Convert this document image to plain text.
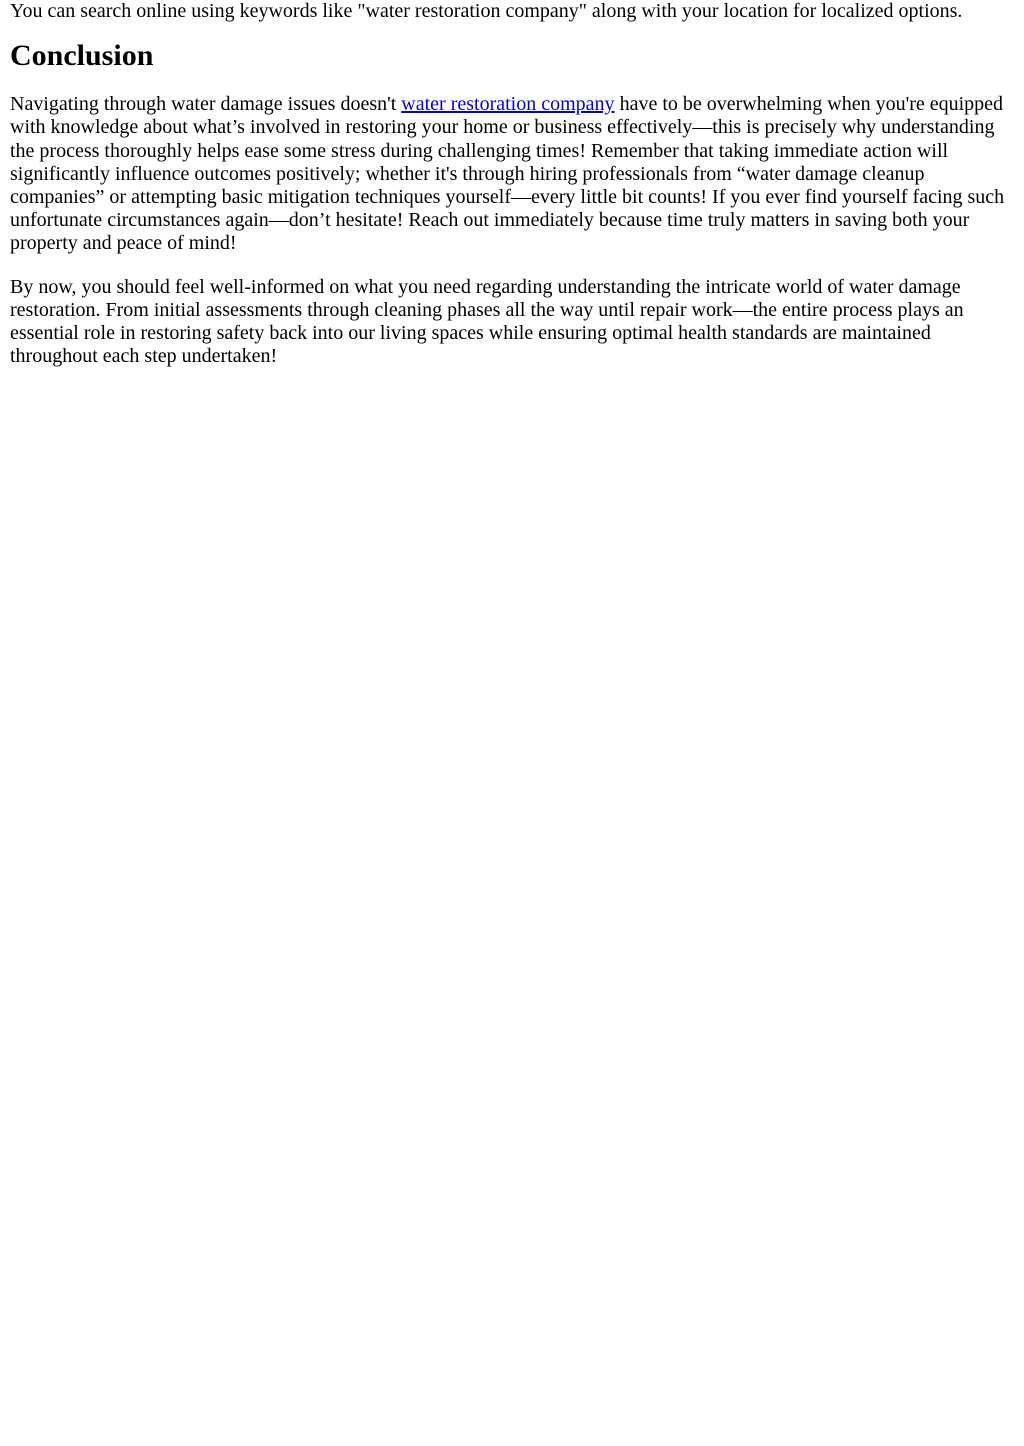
You can search online using keywords like "water restoration company" along with your location for localized options.

Conclusion

Navigating through water damage issues doesn't water restoration company have to be overwhelming when you're equipped with knowledge about what’s involved in restoring your home or business effectively—this is precisely why understanding the process thoroughly helps ease some stress during challenging times! Remember that taking immediate action will significantly influence outcomes positively; whether it's through hiring professionals from “water damage cleanup companies” or attempting basic mitigation techniques yourself—every little bit counts! If you ever find yourself facing such unfortunate circumstances again—don’t hesitate! Reach out immediately because time truly matters in saving both your property and peace of mind!

By now, you should feel well-informed on what you need regarding understanding the intricate world of water damage restoration. From initial assessments through cleaning phases all the way until repair work—the entire process plays an essential role in restoring safety back into our living spaces while ensuring optimal health standards are maintained throughout each step undertaken!
